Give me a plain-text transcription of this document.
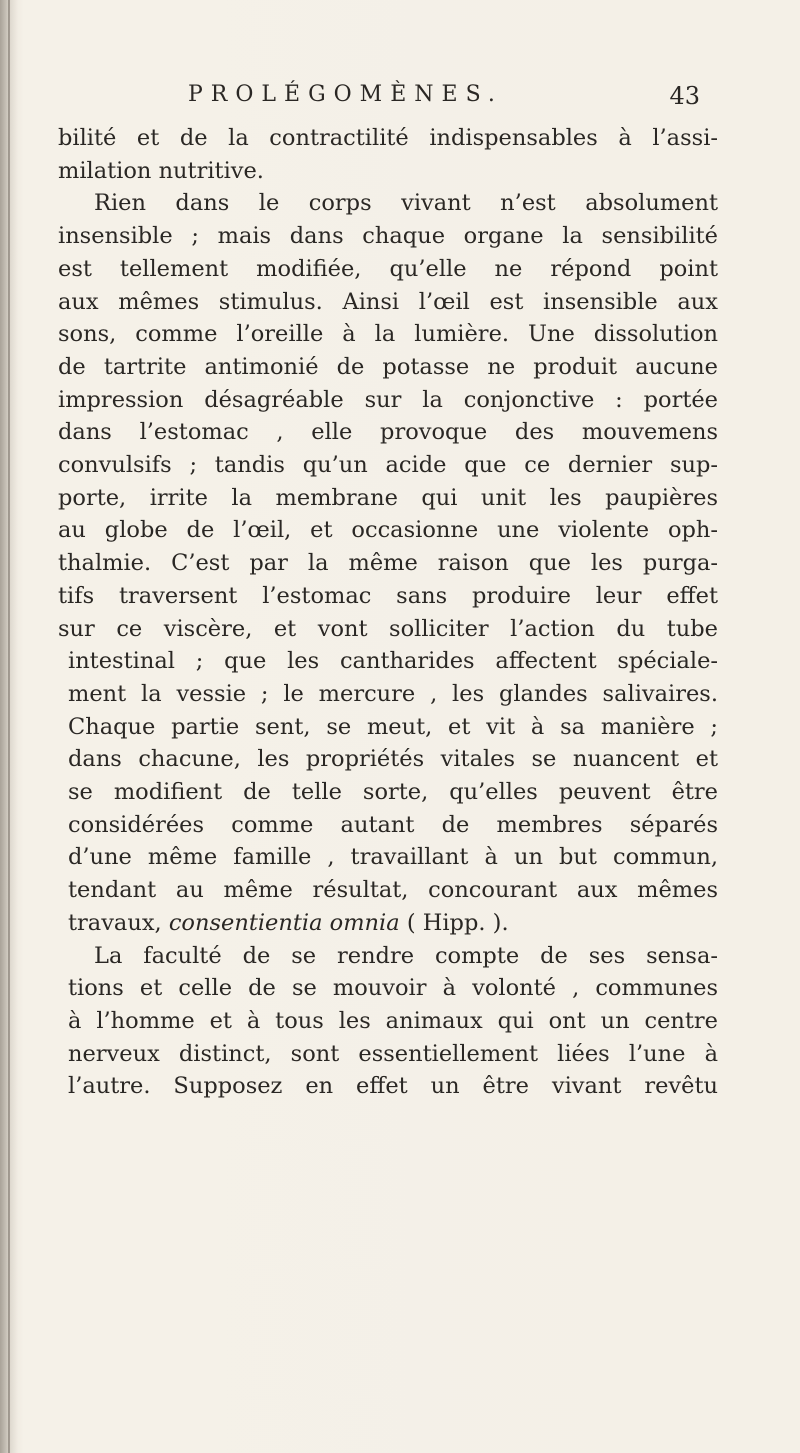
PROLÉGOMÈNES.	43
bilité et de la contractilité indispensables à l’assi-
milation nutritive.
Rien dans le corps vivant n’est absolument
insensible ; mais dans chaque organe la sensibilité
est tellement modifiée, qu’elle ne répond point
aux mêmes stimulus. Ainsi l’œil est insensible aux
sons, comme l’oreille à la lumière. Une dissolution
de tartrite antimonié de potasse ne produit aucune
impression désagréable sur la conjonctive : portée
dans l’estomac , elle provoque des mouvemens
convulsifs ; tandis qu’un acide que ce dernier sup-
porte, irrite la membrane qui unit les paupières
au globe de l’œil, et occasionne une violente oph-
thalmie. C’est par la même raison que les purga-
tifs traversent l’estomac sans produire leur effet
sur ce viscère, et vont solliciter l’action du tube
intestinal ; que les cantharides affectent spéciale-
ment la vessie ; le mercure , les glandes salivaires.
Chaque partie sent, se meut, et vit à sa manière ;
dans chacune, les propriétés vitales se nuancent et
se modifient de telle sorte, qu’elles peuvent être
considérées comme autant de membres séparés
d’une même famille , travaillant à un but commun,
tendant au même résultat, concourant aux mêmes
travaux, consentientia omnia ( Hipp. ).
La faculté de se rendre compte de ses sensa-
tions et celle de se mouvoir à volonté , communes
à l’homme et à tous les animaux qui ont un centre
nerveux distinct, sont essentiellement liées l’une à
l’autre. Supposez en effet un être vivant revêtu
